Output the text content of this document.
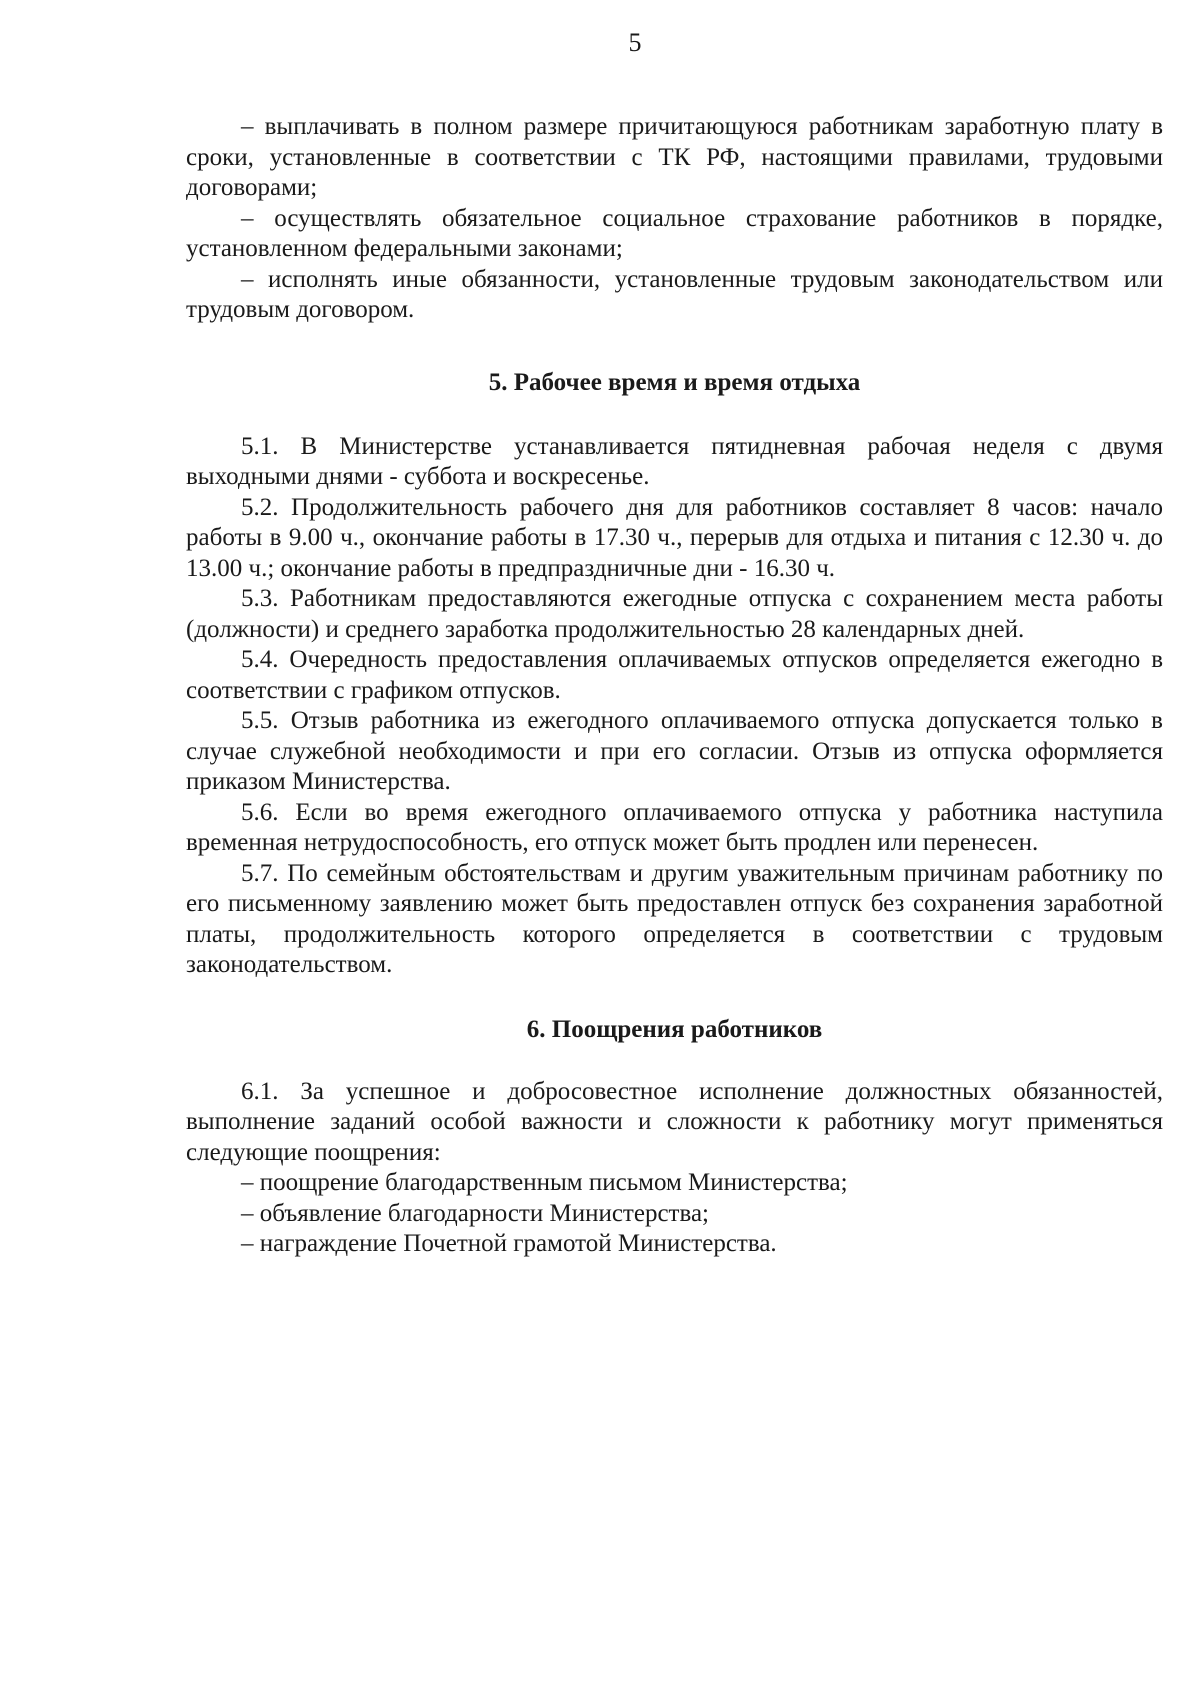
5

– выплачивать в полном размере причитающуюся работникам заработную плату в сроки, установленные в соответствии с ТК РФ, настоящими правилами, трудовыми договорами;

– осуществлять обязательное социальное страхование работников в порядке, установленном федеральными законами;

– исполнять иные обязанности, установленные трудовым законодательством или трудовым договором.

5. Рабочее время и время отдыха

5.1. В Министерстве устанавливается пятидневная рабочая неделя с двумя выходными днями - суббота и воскресенье.

5.2. Продолжительность рабочего дня для работников составляет 8 часов: начало работы в 9.00 ч., окончание работы в 17.30 ч., перерыв для отдыха и питания с 12.30 ч. до 13.00 ч.; окончание работы в предпраздничные дни - 16.30 ч.

5.3. Работникам предоставляются ежегодные отпуска с сохранением места работы (должности) и среднего заработка продолжительностью 28 календарных дней.

5.4. Очередность предоставления оплачиваемых отпусков определяется ежегодно в соответствии с графиком отпусков.

5.5. Отзыв работника из ежегодного оплачиваемого отпуска допускается только в случае служебной необходимости и при его согласии. Отзыв из отпуска оформляется приказом Министерства.

5.6. Если во время ежегодного оплачиваемого отпуска у работника наступила временная нетрудоспособность, его отпуск может быть продлен или перенесен.

5.7. По семейным обстоятельствам и другим уважительным причинам работнику по его письменному заявлению может быть предоставлен отпуск без сохранения заработной платы, продолжительность которого определяется в соответствии с трудовым законодательством.

6. Поощрения работников

6.1. За успешное и добросовестное исполнение должностных обязанностей, выполнение заданий особой важности и сложности к работнику могут применяться следующие поощрения:

– поощрение благодарственным письмом Министерства;

– объявление благодарности Министерства;

– награждение Почетной грамотой Министерства.
